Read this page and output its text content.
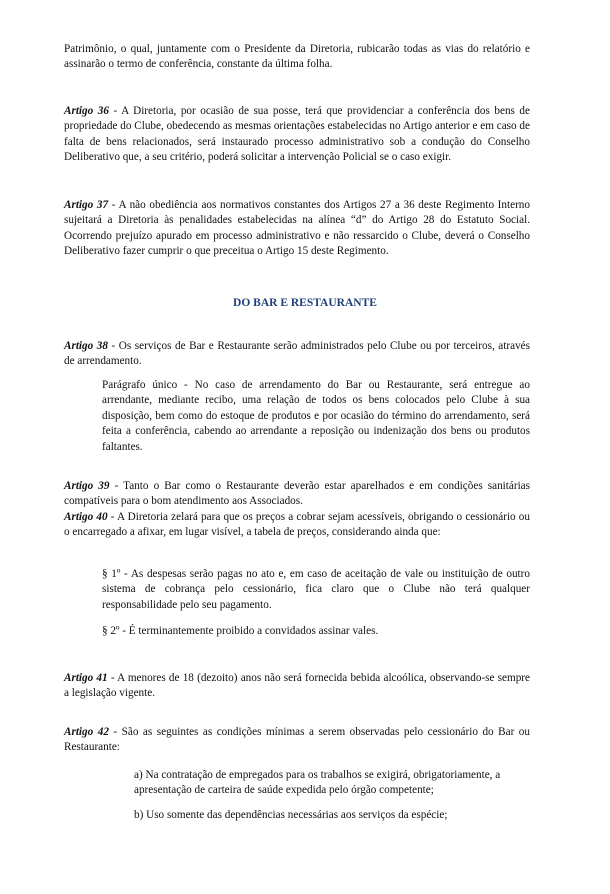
Patrimônio, o qual, juntamente com o Presidente da Diretoria, rubicarão todas as vias do relatório e assinarão o termo de conferência, constante da última folha.

Artigo 36 - A Diretoria, por ocasião de sua posse, terá que providenciar a conferência dos bens de propriedade do Clube, obedecendo as mesmas orientações estabelecidas no Artigo anterior e em caso de falta de bens relacionados, será instaurado processo administrativo sob a condução do Conselho Deliberativo que, a seu critério, poderá solicitar a intervenção Policial se o caso exigir.

Artigo 37 - A não obediência aos normativos constantes dos Artigos 27 a 36 deste Regimento Interno sujeitará a Diretoria às penalidades estabelecidas na alínea “d” do Artigo 28 do Estatuto Social. Ocorrendo prejuízo apurado em processo administrativo e não ressarcido o Clube, deverá o Conselho Deliberativo fazer cumprir o que preceitua o Artigo 15 deste Regimento.

DO BAR E RESTAURANTE

Artigo 38 - Os serviços de Bar e Restaurante serão administrados pelo Clube ou por terceiros, através de arrendamento.

Parágrafo único - No caso de arrendamento do Bar ou Restaurante, será entregue ao arrendante, mediante recibo, uma relação de todos os bens colocados pelo Clube à sua disposição, bem como do estoque de produtos e por ocasião do término do arrendamento, será feita a conferência, cabendo ao arrendante a reposição ou indenização dos bens ou produtos faltantes.

Artigo 39 - Tanto o Bar como o Restaurante deverão estar aparelhados e em condições sanitárias compatíveis para o bom atendimento aos Associados.

Artigo 40 - A Diretoria zelará para que os preços a cobrar sejam acessíveis, obrigando o cessionário ou o encarregado a afixar, em lugar visível, a tabela de preços, considerando ainda que:

§ 1º - As despesas serão pagas no ato e, em caso de aceitação de vale ou instituição de outro sistema de cobrança pelo cessionário, fica claro que o Clube não terá qualquer responsabilidade pelo seu pagamento.

§ 2º - É terminantemente proibido a convidados assinar vales.

Artigo 41 - A menores de 18 (dezoito) anos não será fornecida bebida alcoólica, observando-se sempre a legislação vigente.

Artigo 42 - São as seguintes as condições mínimas a serem observadas pelo cessionário do Bar ou Restaurante:

a) Na contratação de empregados para os trabalhos se exigirá, obrigatoriamente, a apresentação de carteira de saúde expedida pelo órgão competente;

b) Uso somente das dependências necessárias aos serviços da espécie;
